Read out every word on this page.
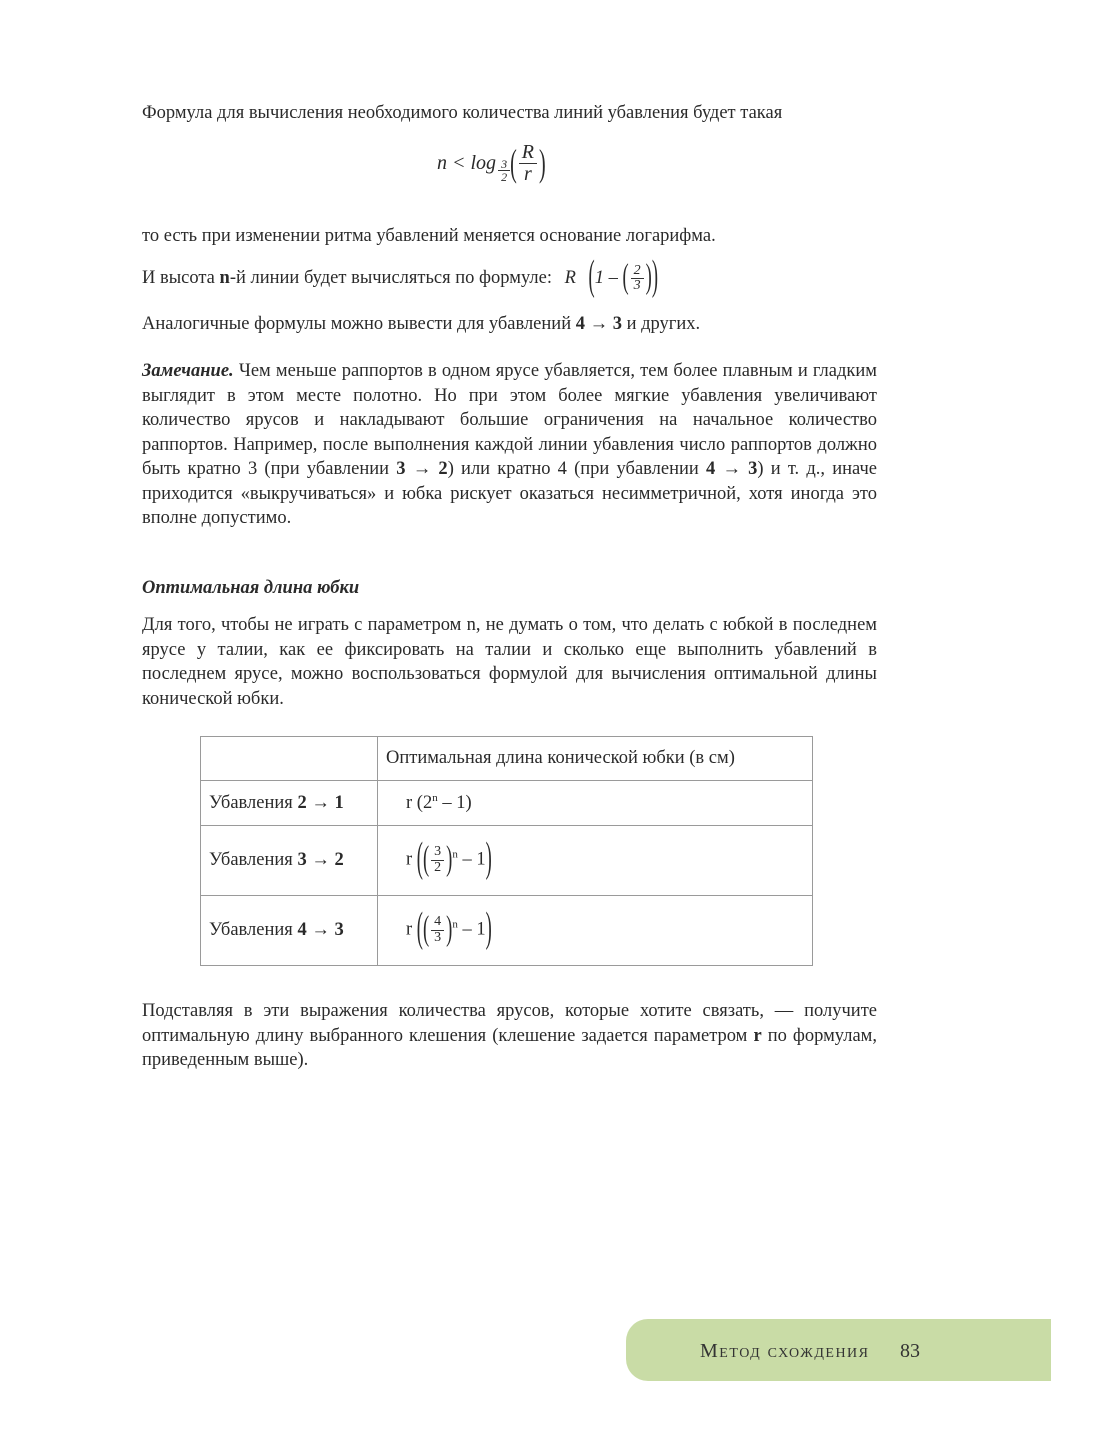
Формула для вычисления необходимого количества линий убавления будет такая

n <
$\log \frac{3}{2}$ ( $\frac{R}{r}$ )

то есть при изменении ритма убавлений меняется основание логарифма.

И высота n-й линии будет вычисляться по формуле: R (1 – ( $\frac{2}{3}$ ))

Аналогичные формулы можно вывести для убавлений 4 → 3 и других.

Замечание. Чем меньше раппортов в одном ярусе убавляется, тем более плавным и гладким выглядит в этом месте полотно. Но при этом более мягкие убавления увеличивают количество ярусов и накладывают большие ограничения на начальное количество раппортов. Например, после выполнения каждой линии убавления число раппортов должно быть кратно 3 (при убавлении 3 → 2) или кратно 4 (при убавлении 4 → 3) и т. д., иначе приходится «выкручиваться» и юбка рискует оказаться несимметричной, хотя иногда это вполне допустимо.

Оптимальная длина юбки

Для того, чтобы не играть с параметром n, не думать о том, что делать с юбкой в последнем ярусе у талии, как ее фиксировать на талии и сколько еще выполнить убавлений в последнем ярусе, можно воспользоваться формулой для вычисления оптимальной длины конической юбки.

	Оптимальная длина конической юбки (в см)
Убавления 2 → 1	r (2$^n$ – 1)
Убавления 3 → 2	r (( $\frac{3}{2} )^n - 1$)
Убавления 4 → 3	r (( $\frac{4}{3} )^n - 1$)

Подставляя в эти выражения количества ярусов, которые хотите связать, — получите оптимальную длину выбранного клешения (клешение задается параметром r по формулам, приведенным выше).

Метод схождения 83
